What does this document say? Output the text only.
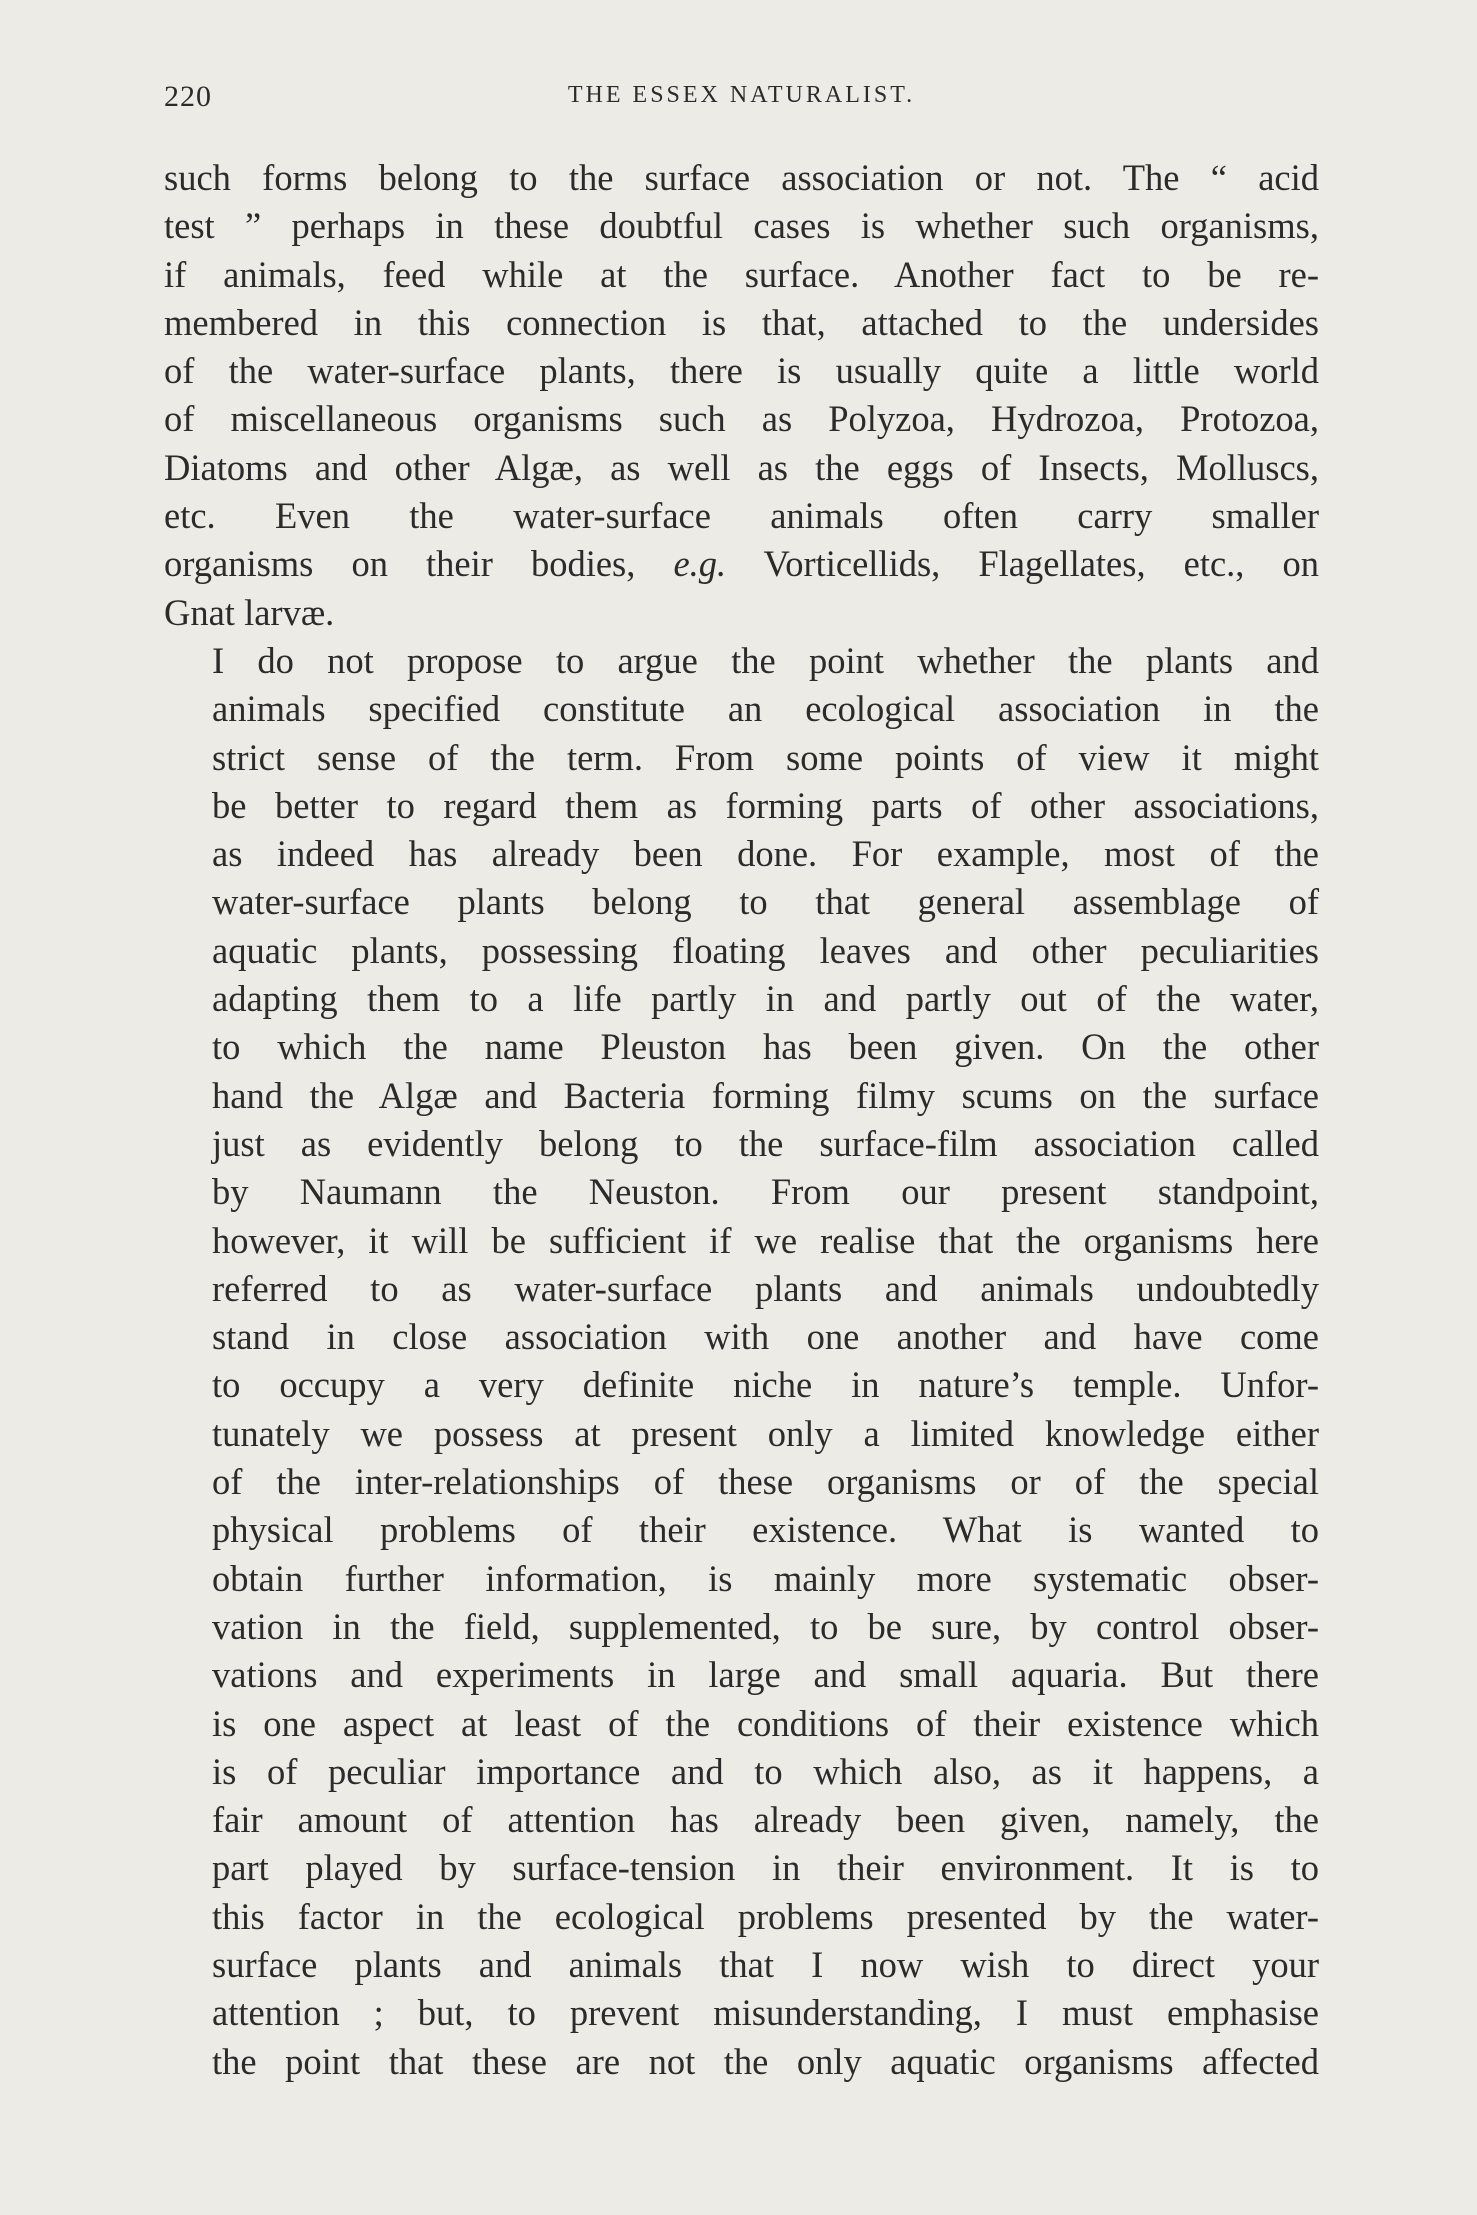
220	THE ESSEX NATURALIST.

such forms belong to the surface association or not. The “ acid
test ” perhaps in these doubtful cases is whether such organisms,
if animals, feed while at the surface. Another fact to be re-
membered in this connection is that, attached to the undersides
of the water-surface plants, there is usually quite a little world
of miscellaneous organisms such as Polyzoa, Hydrozoa, Protozoa,
Diatoms and other Algæ, as well as the eggs of Insects, Molluscs,
etc. Even the water-surface animals often carry smaller
organisms on their bodies, e.g. Vorticellids, Flagellates, etc., on
Gnat larvæ.

I do not propose to argue the point whether the plants and
animals specified constitute an ecological association in the
strict sense of the term. From some points of view it might
be better to regard them as forming parts of other associations,
as indeed has already been done. For example, most of the
water-surface plants belong to that general assemblage of
aquatic plants, possessing floating leaves and other peculiarities
adapting them to a life partly in and partly out of the water,
to which the name Pleuston has been given. On the other
hand the Algæ and Bacteria forming filmy scums on the surface
just as evidently belong to the surface-film association called
by Naumann the Neuston. From our present standpoint,
however, it will be sufficient if we realise that the organisms here
referred to as water-surface plants and animals undoubtedly
stand in close association with one another and have come
to occupy a very definite niche in nature’s temple. Unfor-
tunately we possess at present only a limited knowledge either
of the inter-relationships of these organisms or of the special
physical problems of their existence. What is wanted to
obtain further information, is mainly more systematic obser-
vation in the field, supplemented, to be sure, by control obser-
vations and experiments in large and small aquaria. But there
is one aspect at least of the conditions of their existence which
is of peculiar importance and to which also, as it happens, a
fair amount of attention has already been given, namely, the
part played by surface-tension in their environment. It is to
this factor in the ecological problems presented by the water-
surface plants and animals that I now wish to direct your
attention ; but, to prevent misunderstanding, I must emphasise
the point that these are not the only aquatic organisms affected
